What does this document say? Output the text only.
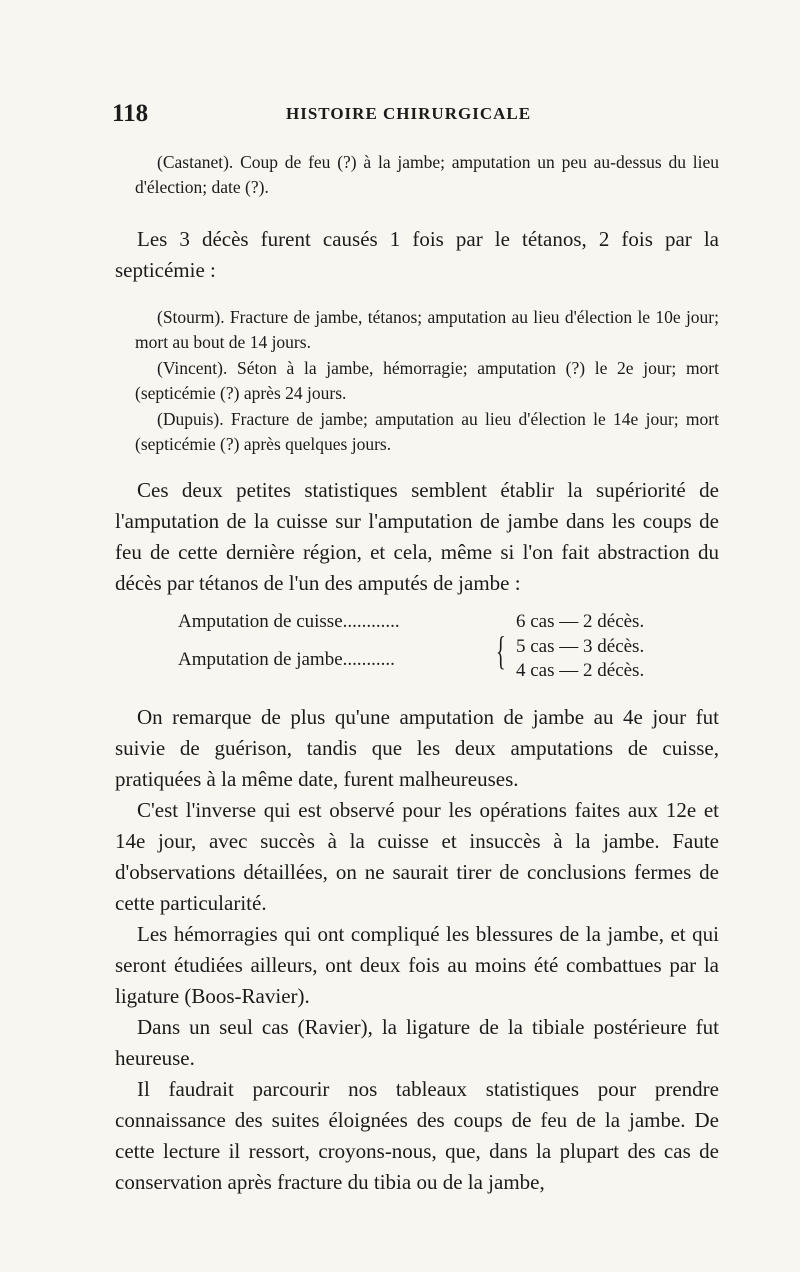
118	HISTOIRE CHIRURGICALE

(Castanet). Coup de feu (?) à la jambe; amputation un peu au-dessus du lieu d'élection; date (?).

Les 3 décès furent causés 1 fois par le tétanos, 2 fois par la septicémie :

(Stourm). Fracture de jambe, tétanos; amputation au lieu d'élection le 10e jour; mort au bout de 14 jours.

(Vincent). Séton à la jambe, hémorragie; amputation (?) le 2e jour; mort (septicémie (?) après 24 jours.

(Dupuis). Fracture de jambe; amputation au lieu d'élection le 14e jour; mort (septicémie (?) après quelques jours.

Ces deux petites statistiques semblent établir la supériorité de l'amputation de la cuisse sur l'amputation de jambe dans les coups de feu de cette dernière région, et cela, même si l'on fait abstraction du décès par tétanos de l'un des amputés de jambe :

Amputation de cuisse............	6 cas — 2 décès.
Amputation de jambe...........	{ 5 cas — 3 décès.
4 cas — 2 décès.

On remarque de plus qu'une amputation de jambe au 4e jour fut suivie de guérison, tandis que les deux amputations de cuisse, pratiquées à la même date, furent malheureuses.

C'est l'inverse qui est observé pour les opérations faites aux 12e et 14e jour, avec succès à la cuisse et insuccès à la jambe. Faute d'observations détaillées, on ne saurait tirer de conclusions fermes de cette particularité.

Les hémorragies qui ont compliqué les blessures de la jambe, et qui seront étudiées ailleurs, ont deux fois au moins été combattues par la ligature (Boos-Ravier).

Dans un seul cas (Ravier), la ligature de la tibiale postérieure fut heureuse.

Il faudrait parcourir nos tableaux statistiques pour prendre connaissance des suites éloignées des coups de feu de la jambe. De cette lecture il ressort, croyons-nous, que, dans la plupart des cas de conservation après fracture du tibia ou de la jambe,
